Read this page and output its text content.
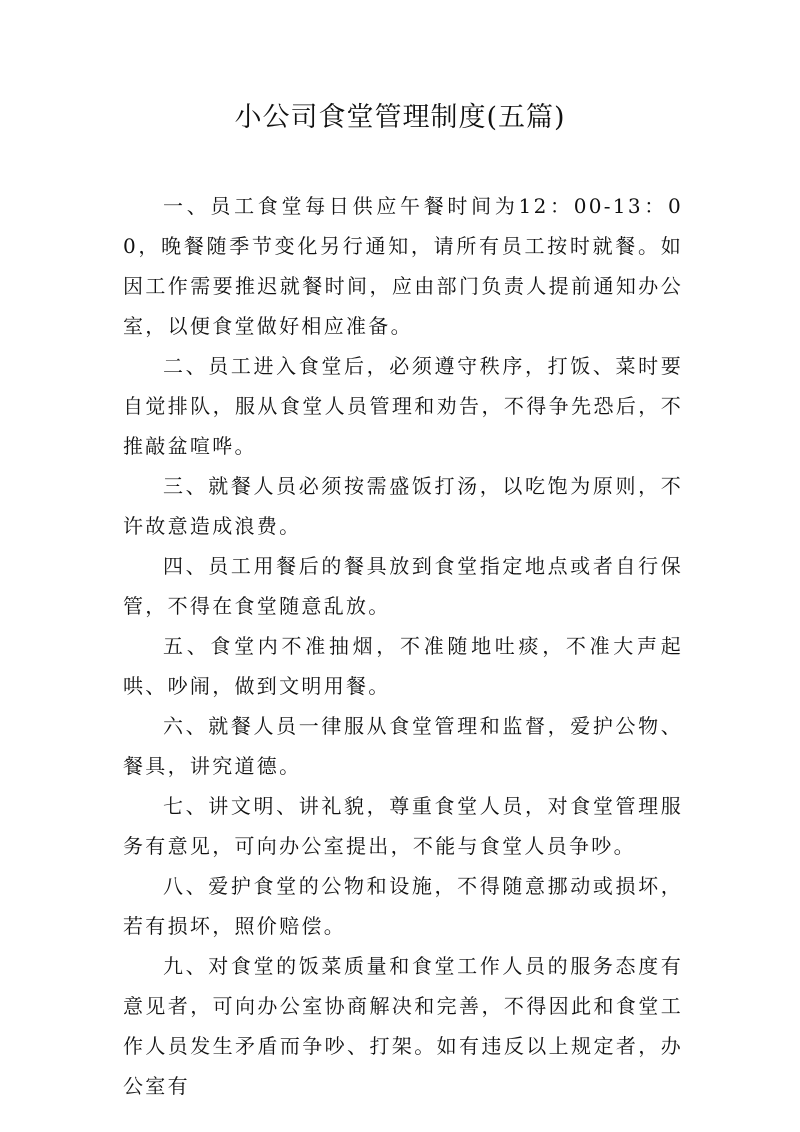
小公司食堂管理制度(五篇)

一、员工食堂每日供应午餐时间为12：00-13：00，晚餐随季节变化另行通知，请所有员工按时就餐。如因工作需要推迟就餐时间，应由部门负责人提前通知办公室，以便食堂做好相应准备。

二、员工进入食堂后，必须遵守秩序，打饭、菜时要自觉排队，服从食堂人员管理和劝告，不得争先恐后，不推敲盆喧哗。

三、就餐人员必须按需盛饭打汤，以吃饱为原则，不许故意造成浪费。

四、员工用餐后的餐具放到食堂指定地点或者自行保管，不得在食堂随意乱放。

五、食堂内不准抽烟，不准随地吐痰，不准大声起哄、吵闹，做到文明用餐。

六、就餐人员一律服从食堂管理和监督，爱护公物、餐具，讲究道德。

七、讲文明、讲礼貌，尊重食堂人员，对食堂管理服务有意见，可向办公室提出，不能与食堂人员争吵。

八、爱护食堂的公物和设施，不得随意挪动或损坏，若有损坏，照价赔偿。

九、对食堂的饭菜质量和食堂工作人员的服务态度有意见者，可向办公室协商解决和完善，不得因此和食堂工作人员发生矛盾而争吵、打架。如有违反以上规定者，办公室有
